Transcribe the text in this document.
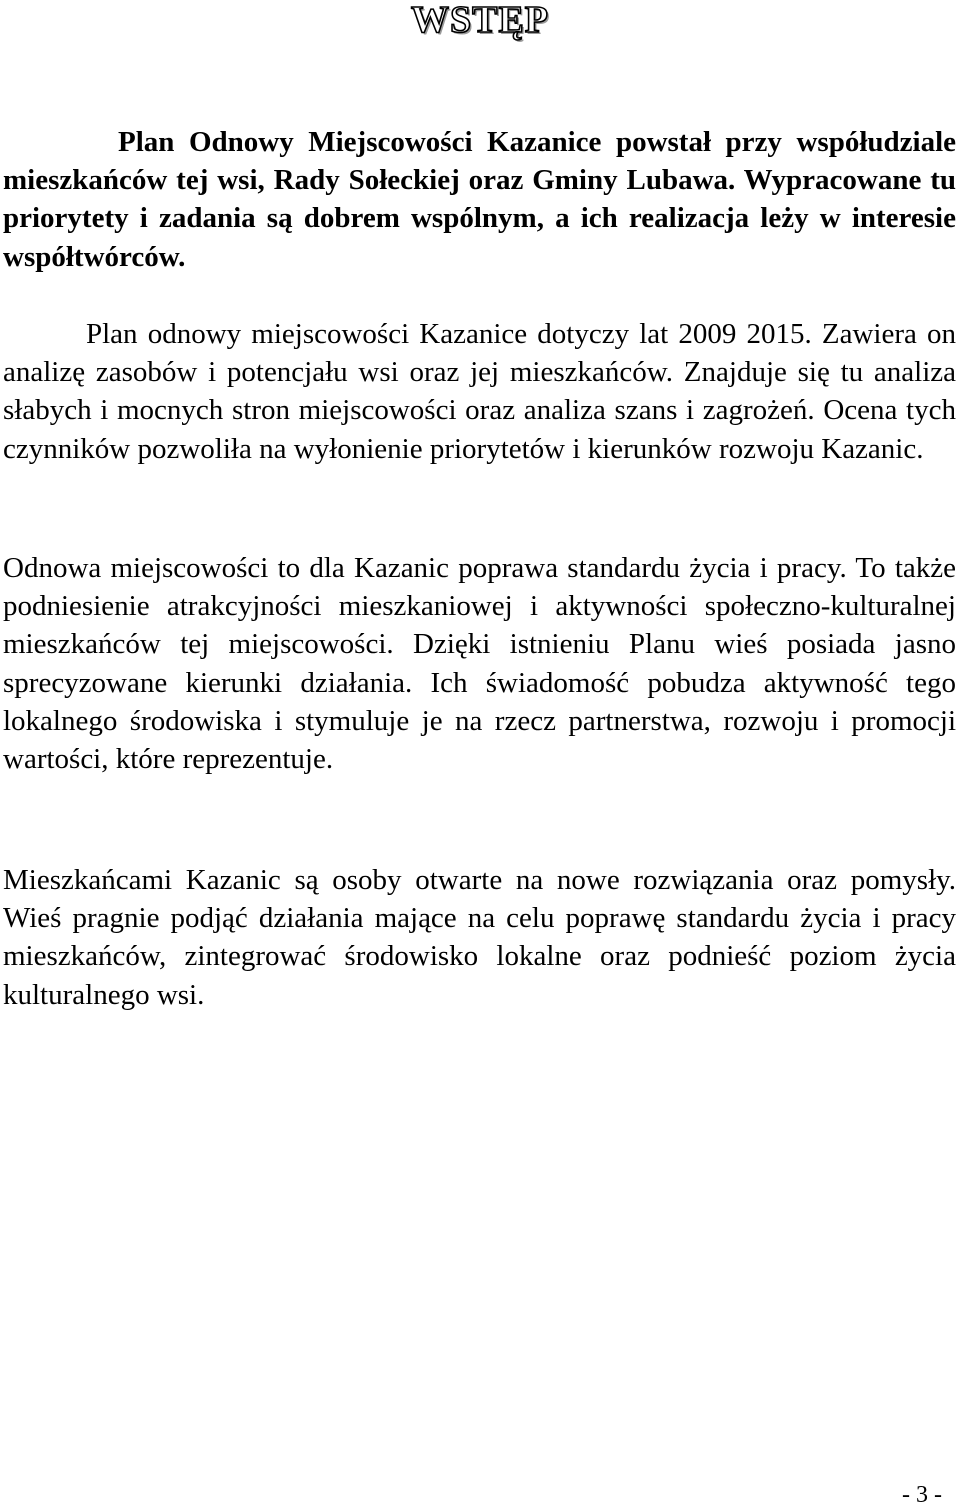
WSTĘP

Plan Odnowy Miejscowości Kazanice powstał przy współudziale mieszkańców tej wsi, Rady Sołeckiej oraz Gminy Lubawa. Wypracowane tu priorytety i zadania są dobrem wspólnym, a ich realizacja leży w interesie współtwórców.

Plan odnowy miejscowości Kazanice dotyczy lat 2009 2015. Zawiera on analizę zasobów i potencjału wsi oraz jej mieszkańców. Znajduje się tu analiza słabych i mocnych stron miejscowości oraz analiza szans i zagrożeń. Ocena tych czynników pozwoliła na wyłonienie priorytetów i kierunków rozwoju Kazanic.

Odnowa miejscowości to dla Kazanic poprawa standardu życia i pracy. To także podniesienie atrakcyjności mieszkaniowej i aktywności społeczno-kulturalnej mieszkańców tej miejscowości. Dzięki istnieniu Planu wieś posiada jasno sprecyzowane kierunki działania. Ich świadomość pobudza aktywność tego lokalnego środowiska i stymuluje je na rzecz partnerstwa, rozwoju i promocji wartości, które reprezentuje.

Mieszkańcami Kazanic są osoby otwarte na nowe rozwiązania oraz pomysły. Wieś pragnie podjąć działania mające na celu poprawę standardu życia i pracy mieszkańców, zintegrować środowisko lokalne oraz podnieść poziom życia kulturalnego wsi.

- 3 -
